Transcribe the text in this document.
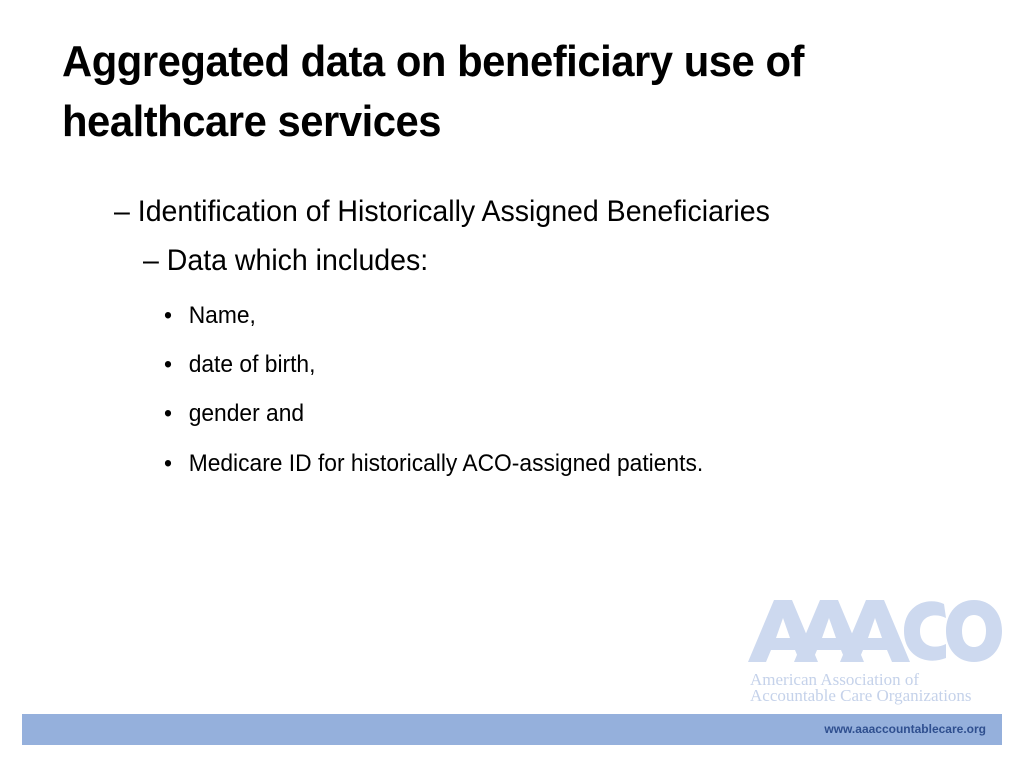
Aggregated data on beneficiary use of healthcare services
– Identification of Historically Assigned Beneficiaries
– Data which includes:
• Name,
• date of birth,
• gender and
• Medicare ID for historically ACO-assigned patients.
American Association of
Accountable Care Organizations
www.aaaccountablecare.org
